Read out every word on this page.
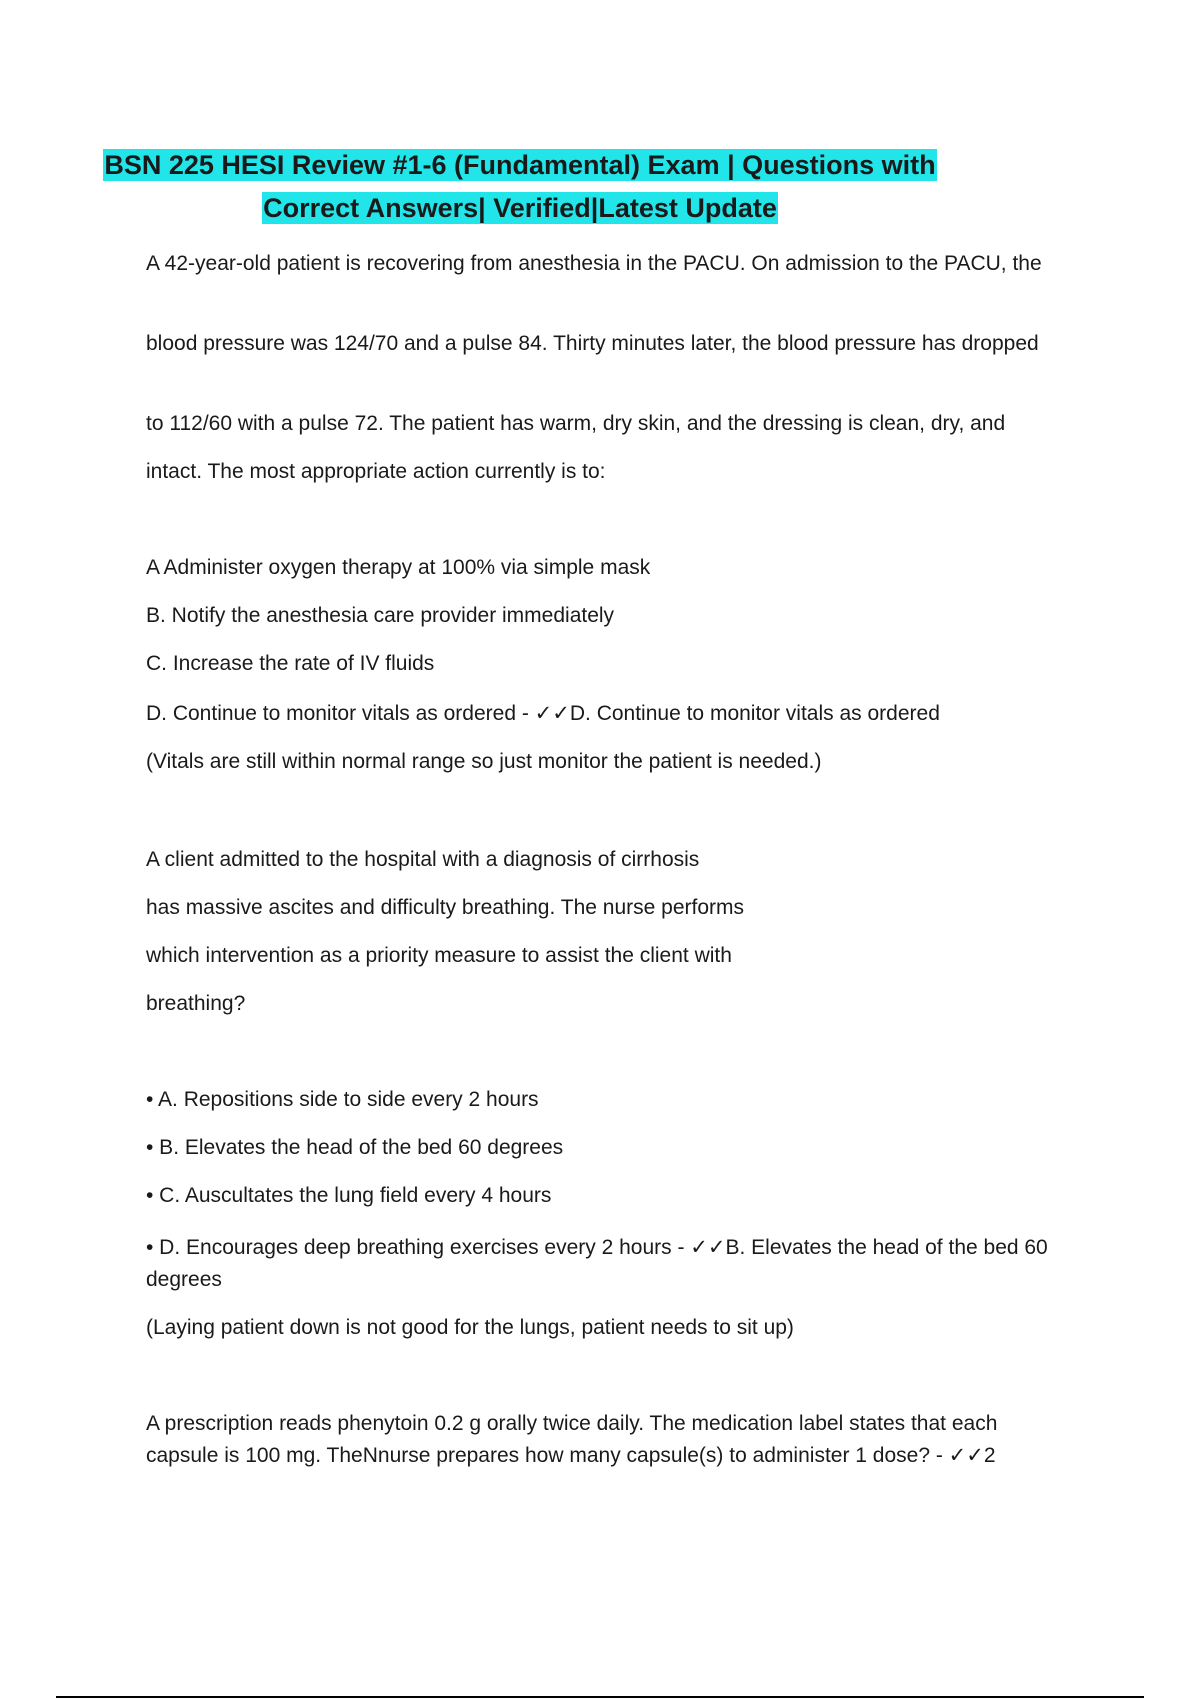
BSN 225 HESI Review #1-6 (Fundamental) Exam | Questions with
Correct Answers| Verified|Latest Update
A 42-year-old patient is recovering from anesthesia in the PACU. On admission to the PACU, the
blood pressure was 124/70 and a pulse 84. Thirty minutes later, the blood pressure has dropped
to 112/60 with a pulse 72. The patient has warm, dry skin, and the dressing is clean, dry, and
intact. The most appropriate action currently is to:
A Administer oxygen therapy at 100% via simple mask
B. Notify the anesthesia care provider immediately
C. Increase the rate of IV fluids
D. Continue to monitor vitals as ordered - ✓✓D. Continue to monitor vitals as ordered
(Vitals are still within normal range so just monitor the patient is needed.)
A client admitted to the hospital with a diagnosis of cirrhosis
has massive ascites and difficulty breathing. The nurse performs
which intervention as a priority measure to assist the client with
breathing?
• A. Repositions side to side every 2 hours
• B. Elevates the head of the bed 60 degrees
• C. Auscultates the lung field every 4 hours
• D. Encourages deep breathing exercises every 2 hours - ✓✓B. Elevates the head of the bed 60 degrees
(Laying patient down is not good for the lungs, patient needs to sit up)
A prescription reads phenytoin 0.2 g orally twice daily. The medication label states that each capsule is 100 mg. TheNnurse prepares how many capsule(s) to administer 1 dose? - ✓✓2
